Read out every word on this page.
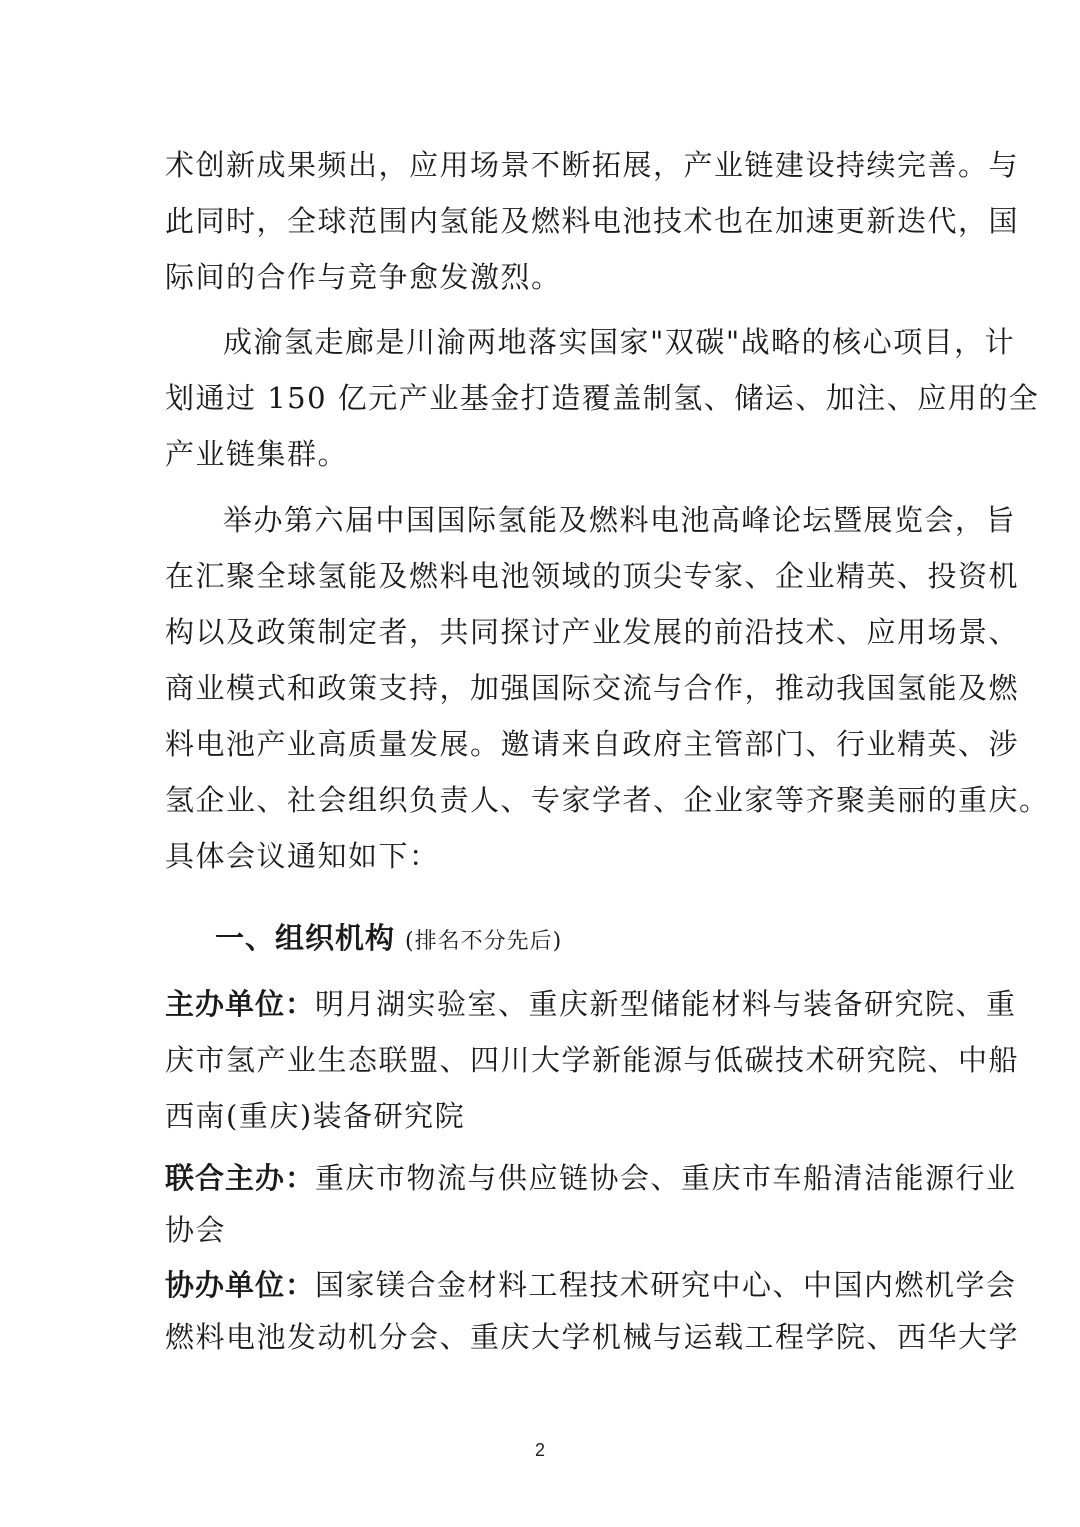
术创新成果频出，应用场景不断拓展，产业链建设持续完善。与
此同时，全球范围内氢能及燃料电池技术也在加速更新迭代，国
际间的合作与竞争愈发激烈。
成渝氢走廊是川渝两地落实国家"双碳"战略的核心项目，计
划通过 150 亿元产业基金打造覆盖制氢、储运、加注、应用的全
产业链集群。
举办第六届中国国际氢能及燃料电池高峰论坛暨展览会，旨
在汇聚全球氢能及燃料电池领域的顶尖专家、企业精英、投资机
构以及政策制定者，共同探讨产业发展的前沿技术、应用场景、
商业模式和政策支持，加强国际交流与合作，推动我国氢能及燃
料电池产业高质量发展。邀请来自政府主管部门、行业精英、涉
氢企业、社会组织负责人、专家学者、企业家等齐聚美丽的重庆。
具体会议通知如下：
一、组织机构 (排名不分先后)
主办单位：明月湖实验室、重庆新型储能材料与装备研究院、重
庆市氢产业生态联盟、四川大学新能源与低碳技术研究院、中船
西南(重庆)装备研究院
联合主办：重庆市物流与供应链协会、重庆市车船清洁能源行业
协会
协办单位：国家镁合金材料工程技术研究中心、中国内燃机学会
燃料电池发动机分会、重庆大学机械与运载工程学院、西华大学
2
